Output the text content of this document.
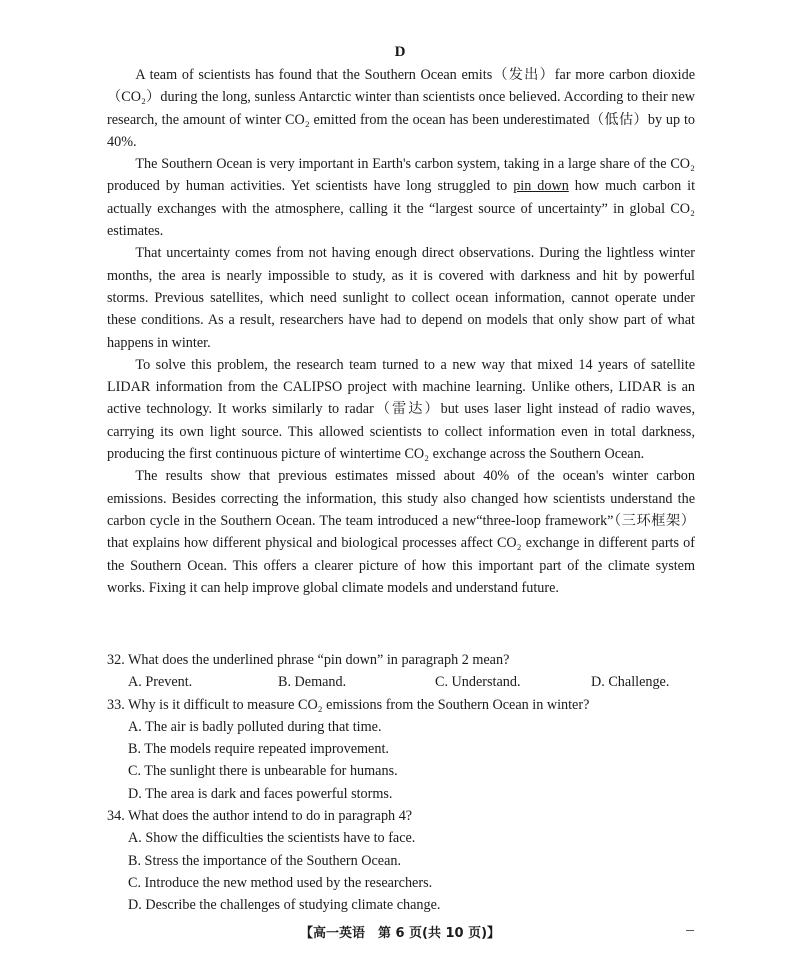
D

A team of scientists has found that the Southern Ocean emits（发出）far more carbon dioxide（CO₂）during the long, sunless Antarctic winter than scientists once believed. According to their new research, the amount of winter CO₂ emitted from the ocean has been underestimated（低估）by up to 40%.

The Southern Ocean is very important in Earth's carbon system, taking in a large share of the CO₂ produced by human activities. Yet scientists have long struggled to pin down how much carbon it actually exchanges with the atmosphere, calling it the “largest source of uncertainty” in global CO₂ estimates.

That uncertainty comes from not having enough direct observations. During the lightless winter months, the area is nearly impossible to study, as it is covered with darkness and hit by powerful storms. Previous satellites, which need sunlight to collect ocean information, cannot operate under these conditions. As a result, researchers have had to depend on models that only show part of what happens in winter.

To solve this problem, the research team turned to a new way that mixed 14 years of satellite LIDAR information from the CALIPSO project with machine learning. Unlike others, LIDAR is an active technology. It works similarly to radar（雷达）but uses laser light instead of radio waves, carrying its own light source. This allowed scientists to collect information even in total darkness, producing the first continuous picture of wintertime CO₂ exchange across the Southern Ocean.

The results show that previous estimates missed about 40% of the ocean's winter carbon emissions. Besides correcting the information, this study also changed how scientists understand the carbon cycle in the Southern Ocean. The team introduced a new“three-loop framework”（三环框架）that explains how different physical and biological processes affect CO₂ exchange in different parts of the Southern Ocean. This offers a clearer picture of how this important part of the climate system works. Fixing it can help improve global climate models and understand future.

32. What does the underlined phrase “pin down” in paragraph 2 mean?

A. Prevent.	B. Demand.	C. Understand.	D. Challenge.

33. Why is it difficult to measure CO₂ emissions from the Southern Ocean in winter?

A. The air is badly polluted during that time.

B. The models require repeated improvement.

C. The sunlight there is unbearable for humans.

D. The area is dark and faces powerful storms.

34. What does the author intend to do in paragraph 4?

A. Show the difficulties the scientists have to face.

B. Stress the importance of the Southern Ocean.

C. Introduce the new method used by the researchers.

D. Describe the challenges of studying climate change.

【高一英语　第 6 页(共 10 页)】
